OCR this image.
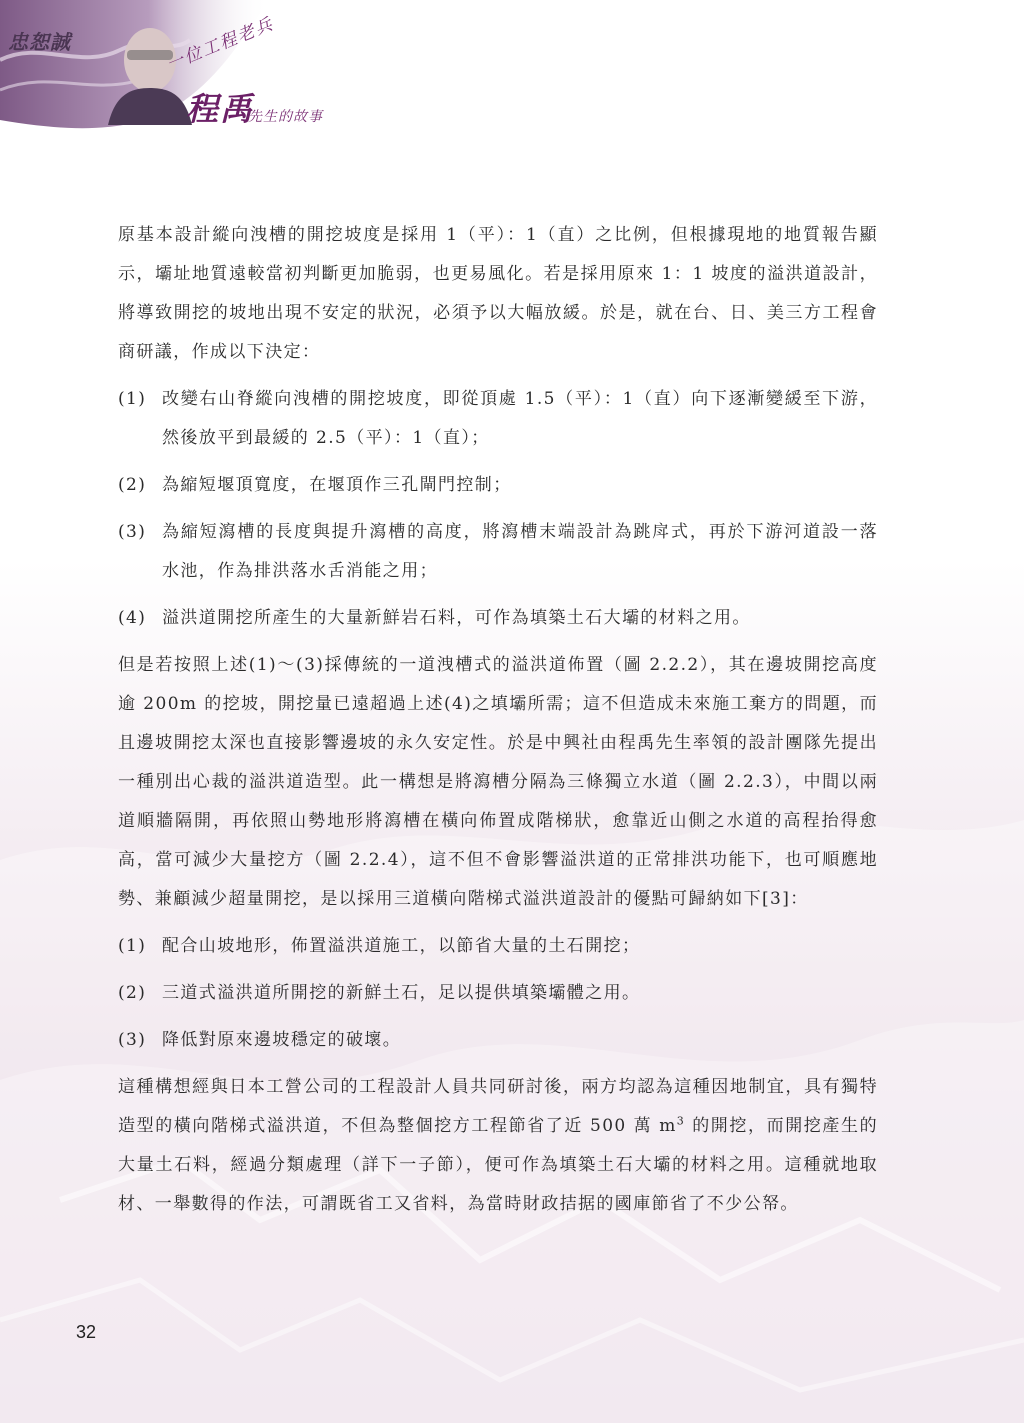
忠恕誠	一位工程老兵
程禹
先生的故事

原基本設計縱向洩槽的開挖坡度是採用 1（平）：1（直）之比例，但根據現地的地質報告顯示，壩址地質遠較當初判斷更加脆弱，也更易風化。若是採用原來 1：1 坡度的溢洪道設計，將導致開挖的坡地出現不安定的狀況，必須予以大幅放緩。於是，就在台、日、美三方工程會商研議，作成以下決定：

(1) 改變右山脊縱向洩槽的開挖坡度，即從頂處 1.5（平）：1（直）向下逐漸變緩至下游，然後放平到最緩的 2.5（平）：1（直）；
(2) 為縮短堰頂寬度，在堰頂作三孔閘門控制；
(3) 為縮短瀉槽的長度與提升瀉槽的高度，將瀉槽末端設計為跳戽式，再於下游河道設一落水池，作為排洪落水舌消能之用；
(4) 溢洪道開挖所產生的大量新鮮岩石料，可作為填築土石大壩的材料之用。

但是若按照上述(1)～(3)採傳統的一道洩槽式的溢洪道佈置（圖 2.2.2），其在邊坡開挖高度逾 200m 的挖坡，開挖量已遠超過上述(4)之填壩所需；這不但造成未來施工棄方的問題，而且邊坡開挖太深也直接影響邊坡的永久安定性。於是中興社由程禹先生率領的設計團隊先提出一種別出心裁的溢洪道造型。此一構想是將瀉槽分隔為三條獨立水道（圖 2.2.3），中間以兩道順牆隔開，再依照山勢地形將瀉槽在橫向佈置成階梯狀，愈靠近山側之水道的高程抬得愈高，當可減少大量挖方（圖 2.2.4），這不但不會影響溢洪道的正常排洪功能下，也可順應地勢、兼顧減少超量開挖，是以採用三道橫向階梯式溢洪道設計的優點可歸納如下[3]：

(1) 配合山坡地形，佈置溢洪道施工，以節省大量的土石開挖；
(2) 三道式溢洪道所開挖的新鮮土石，足以提供填築壩體之用。
(3) 降低對原來邊坡穩定的破壞。

這種構想經與日本工營公司的工程設計人員共同研討後，兩方均認為這種因地制宜，具有獨特造型的橫向階梯式溢洪道，不但為整個挖方工程節省了近 500 萬 $m^3$ 的開挖，而開挖產生的大量土石料，經過分類處理（詳下一子節），便可作為填築土石大壩的材料之用。這種就地取材、一舉數得的作法，可謂既省工又省料，為當時財政拮据的國庫節省了不少公帑。

32
